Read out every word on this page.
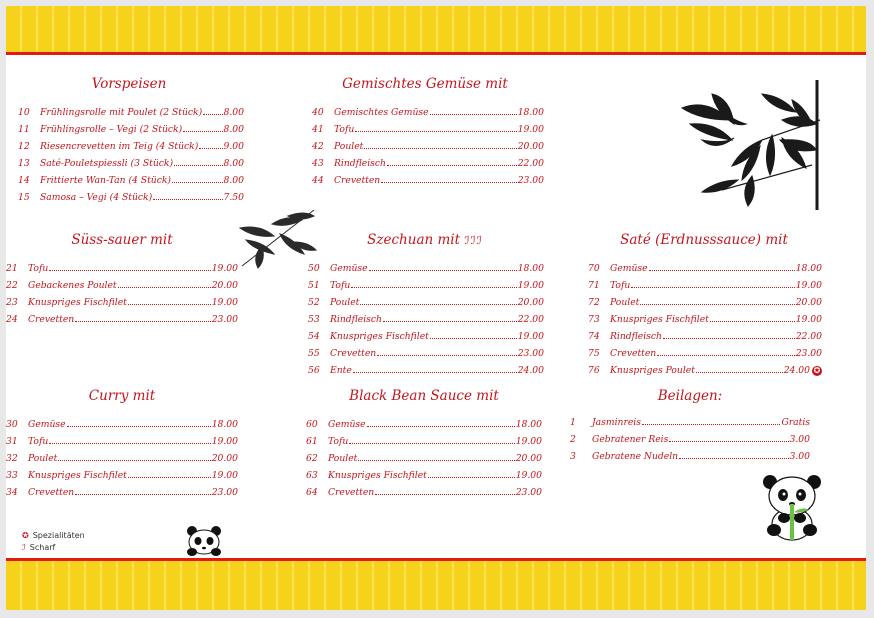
Vorspeisen
10	Frühlingsrolle mit Poulet (2 Stück) 8.00
11	Frühlingsrolle – Vegi (2 Stück)	8.00
12	Riesencrevetten im Teig (4 Stück)	9.00
13	Saté-Pouletspiessli (3 Stück)	8.00
14	Frittierte Wan-Tan (4 Stück)	8.00
15	Samosa – Vegi (4 Stück)	7.50
Gemischtes Gemüse mit
40	Gemischtes Gemüse	18.00
41	Tofu	19.00
42	Poulet	20.00
43	Rindfleisch	22.00
44	Crevetten	23.00
Süss-sauer mit
21	Tofu	19.00
22	Gebackenes Poulet	20.00
23	Knuspriges Fischfilet	19.00
24	Crevetten	23.00
Szechuan mit ℐℐℐ
50	Gemüse	18.00
51	Tofu	19.00
52	Poulet	20.00
53	Rindfleisch	22.00
54	Knuspriges Fischfilet	19.00
55	Crevetten	23.00
56	Ente	24.00
Saté (Erdnusssauce) mit
70	Gemüse	18.00
71	Tofu	19.00
72	Poulet	20.00
73	Knuspriges Fischfilet	19.00
74	Rindfleisch	22.00
75	Crevetten	23.00
76	Knuspriges Poulet	24.00 ✪
Curry mit
30	Gemüse	18.00
31	Tofu	19.00
32	Poulet	20.00
33	Knuspriges Fischfilet	19.00
34	Crevetten	23.00
Black Bean Sauce mit
60	Gemüse	18.00
61	Tofu	19.00
62	Poulet	20.00
63	Knuspriges Fischfilet	19.00
64	Crevetten	23.00
Beilagen:
1	Jasminreis	Gratis
2	Gebratener Reis	3.00
3	Gebratene Nudeln	3.00
✪ Spezialitäten
ℐ Scharf
